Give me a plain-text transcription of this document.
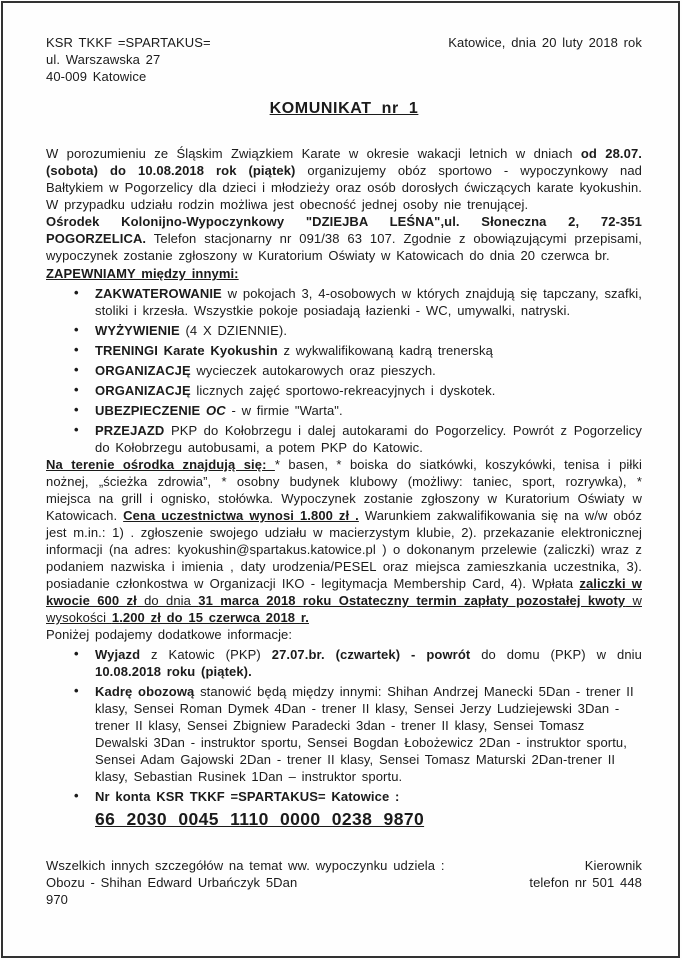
KSR TKKF =SPARTAKUS=
ul. Warszawska 27
40-009 Katowice
Katowice, dnia 20 luty 2018 rok
KOMUNIKAT nr 1
W porozumieniu ze Śląskim Związkiem Karate w okresie wakacji letnich w dniach od 28.07. (sobota) do 10.08.2018 rok (piątek) organizujemy obóz sportowo - wypoczynkowy nad Bałtykiem w Pogorzelicy dla dzieci i młodzieży oraz osób dorosłych ćwiczących karate kyokushin. W przypadku udziału rodzin możliwa jest obecność jednej osoby nie trenującej.
Ośrodek Kolonijno-Wypoczynkowy "DZIEJBA LEŚNA",ul. Słoneczna 2, 72-351 POGORZELICA. Telefon stacjonarny nr 091/38 63 107. Zgodnie z obowiązującymi przepisami, wypoczynek zostanie zgłoszony w Kuratorium Oświaty w Katowicach do dnia 20 czerwca br.
ZAPEWNIAMY między innymi:
• ZAKWATEROWANIE w pokojach 3, 4-osobowych w których znajdują się tapczany, szafki, stoliki i krzesła. Wszystkie pokoje posiadają łazienki - WC, umywalki, natryski.
• WYŻYWIENIE (4 X DZIENNIE).
• TRENINGI Karate Kyokushin z wykwalifikowaną kadrą trenerską
• ORGANIZACJĘ wycieczek autokarowych oraz pieszych.
• ORGANIZACJĘ licznych zajęć sportowo-rekreacyjnych i dyskotek.
• UBEZPIECZENIE OC - w firmie "Warta".
• PRZEJAZD PKP do Kołobrzegu i dalej autokarami do Pogorzelicy. Powrót z Pogorzelicy do Kołobrzegu autobusami, a potem PKP do Katowic.
Na terenie ośrodka znajdują się: * basen, * boiska do siatkówki, koszykówki, tenisa i piłki nożnej, „ścieżka zdrowia”, * osobny budynek klubowy (możliwy: taniec, sport, rozrywka), * miejsca na grill i ognisko, stołówka. Wypoczynek zostanie zgłoszony w Kuratorium Oświaty w Katowicach. Cena uczestnictwa wynosi 1.800 zł . Warunkiem zakwalifikowania się na w/w obóz jest m.in.: 1) . zgłoszenie swojego udziału w macierzystym klubie, 2). przekazanie elektronicznej informacji (na adres: kyokushin@spartakus.katowice.pl ) o dokonanym przelewie (zaliczki) wraz z podaniem nazwiska i imienia , daty urodzenia/PESEL oraz miejsca zamieszkania uczestnika, 3). posiadanie członkostwa w Organizacji IKO - legitymacja Membership Card, 4). Wpłata zaliczki w kwocie 600 zł do dnia 31 marca 2018 roku Ostateczny termin zapłaty pozostałej kwoty w wysokości 1.200 zł do 15 czerwca 2018 r.
Poniżej podajemy dodatkowe informacje:
• Wyjazd z Katowic (PKP) 27.07.br. (czwartek) - powrót do domu (PKP) w dniu 10.08.2018 roku (piątek).
• Kadrę obozową stanowić będą między innymi: Shihan Andrzej Manecki 5Dan - trener II klasy, Sensei Roman Dymek 4Dan - trener II klasy, Sensei Jerzy Ludziejewski 3Dan - trener II klasy, Sensei Zbigniew Paradecki 3dan - trener II klasy, Sensei Tomasz Dewalski 3Dan - instruktor sportu, Sensei Bogdan Łobożewicz 2Dan - instruktor sportu, Sensei Adam Gajowski 2Dan - trener II klasy, Sensei Tomasz Maturski 2Dan-trener II klasy, Sebastian Rusinek 1Dan – instruktor sportu.
• Nr konta KSR TKKF =SPARTAKUS= Katowice :
66 2030 0045 1110 0000 0238 9870
Wszelkich innych szczegółów na temat ww. wypoczynku udziela :	Kierownik
Obozu - Shihan Edward Urbańczyk 5Dan	telefon nr 501 448
970
